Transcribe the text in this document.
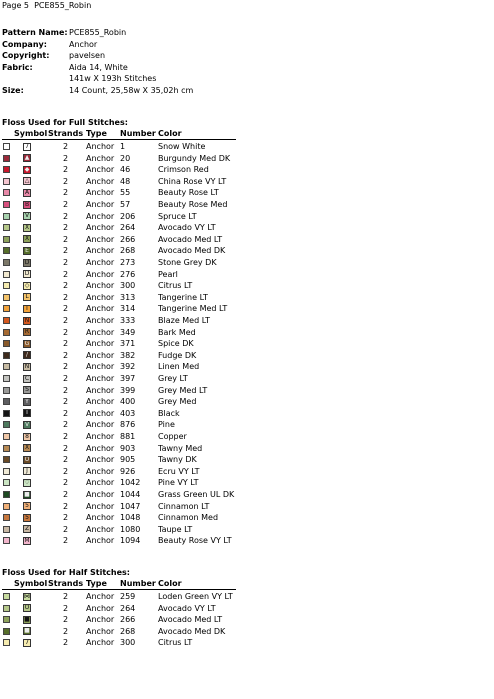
Page 5 PCE855_Robin
Pattern Name: PCE855_Robin
Company:	Anchor
Copyright: pavelsen
Fabric:	Aida 14, White
141w X 193h Stitches
Size:	14 Count, 25,58w X 35,02h cm
Floss Used for Full Stitches:
Symbol Strands Type Number Color
7	2 Anchor 1	Snow White
▲	2 Anchor 20	Burgundy Med DK
◆	2 Anchor 46	Crimson Red
△	2 Anchor 48	China Rose VY LT
A	2 Anchor 55	Beauty Rose LT
B	2 Anchor 57	Beauty Rose Med
V	2 Anchor 206	Spruce LT
X	2 Anchor 264	Avocado VY LT
X	2 Anchor 266	Avocado Med LT
E	2 Anchor 268	Avocado Med DK
D	2 Anchor 273	Stone Grey DK
D	2 Anchor 276	Pearl
◇	2 Anchor 300	Citrus LT
L	2 Anchor 313	Tangerine LT
T	2 Anchor 314	Tangerine Med LT
N	2 Anchor 333	Blaze Med LT
R	2 Anchor 349	Bark Med
G	2 Anchor 371	Spice DK
/	2 Anchor 382	Fudge DK
N	2 Anchor 392	Linen Med
C	2 Anchor 397	Grey LT
S	2 Anchor 399	Grey Med LT
Y	2 Anchor 400	Grey Med
I	2 Anchor 403	Black
V	2 Anchor 876	Pine
8	2 Anchor 881	Copper
X	2 Anchor 903	Tawny Med
O	2 Anchor 905	Tawny DK
J	2 Anchor 926	Ecru VY LT
♡	2 Anchor 1042 Pine VY LT
■	2 Anchor 1044 Grass Green UL DK
5	2 Anchor 1047 Cinnamon LT
5	2 Anchor 1048 Cinnamon Med
Z	2 Anchor 1080 Taupe LT
M	2 Anchor 1094 Beauty Rose VY LT
Floss Used for Half Stitches:
Symbol Strands Type Number Color
⋈	2 Anchor 259	Loden Green VY LT
O	2 Anchor 264	Avocado VY LT
■	2 Anchor 266	Avocado Med LT
■	2 Anchor 268	Avocado Med DK
7	2 Anchor 300	Citrus LT
